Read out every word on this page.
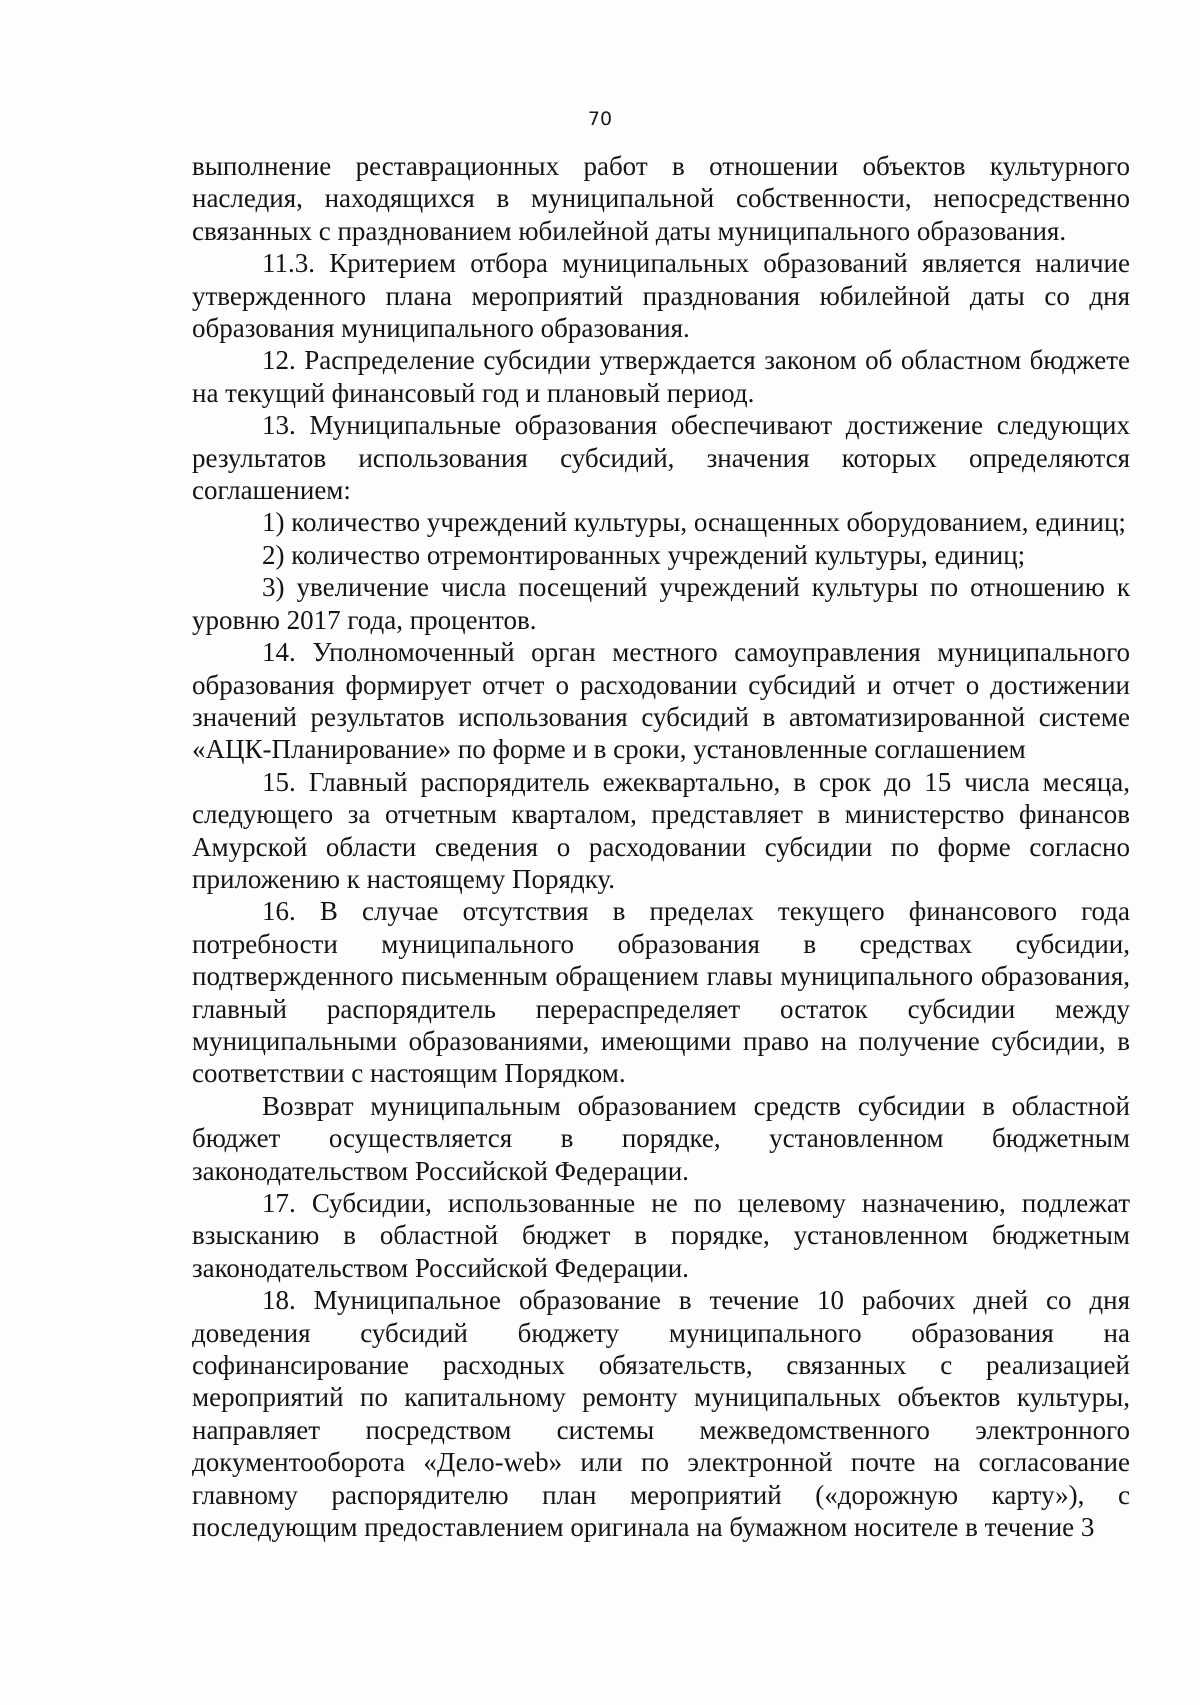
70

выполнение реставрационных работ в отношении объектов культурного наследия, находящихся в муниципальной собственности, непосредственно связанных с празднованием юбилейной даты муниципального образования.

11.3. Критерием отбора муниципальных образований является наличие утвержденного плана мероприятий празднования юбилейной даты со дня образования муниципального образования.

12. Распределение субсидии утверждается законом об областном бюджете на текущий финансовый год и плановый период.

13. Муниципальные образования обеспечивают достижение следующих результатов использования субсидий, значения которых определяются соглашением:

1) количество учреждений культуры, оснащенных оборудованием, единиц;

2) количество отремонтированных учреждений культуры, единиц;

3) увеличение числа посещений учреждений культуры по отношению к уровню 2017 года, процентов.

14. Уполномоченный орган местного самоуправления муниципального образования формирует отчет о расходовании субсидий и отчет о достижении значений результатов использования субсидий в автоматизированной системе «АЦК-Планирование» по форме и в сроки, установленные соглашением

15. Главный распорядитель ежеквартально, в срок до 15 числа месяца, следующего за отчетным кварталом, представляет в министерство финансов Амурской области сведения о расходовании субсидии по форме согласно приложению к настоящему Порядку.

16. В случае отсутствия в пределах текущего финансового года потребности муниципального образования в средствах субсидии, подтвержденного письменным обращением главы муниципального образования, главный распорядитель перераспределяет остаток субсидии между муниципальными образованиями, имеющими право на получение субсидии, в соответствии с настоящим Порядком.

Возврат муниципальным образованием средств субсидии в областной бюджет осуществляется в порядке, установленном бюджетным законодательством Российской Федерации.

17. Субсидии, использованные не по целевому назначению, подлежат взысканию в областной бюджет в порядке, установленном бюджетным законодательством Российской Федерации.

18. Муниципальное образование в течение 10 рабочих дней со дня доведения субсидий бюджету муниципального образования на софинансирование расходных обязательств, связанных с реализацией мероприятий по капитальному ремонту муниципальных объектов культуры, направляет посредством системы межведомственного электронного документооборота «Дело-web» или по электронной почте на согласование главному распорядителю план мероприятий («дорожную карту»), с последующим предоставлением оригинала на бумажном носителе в течение 3
